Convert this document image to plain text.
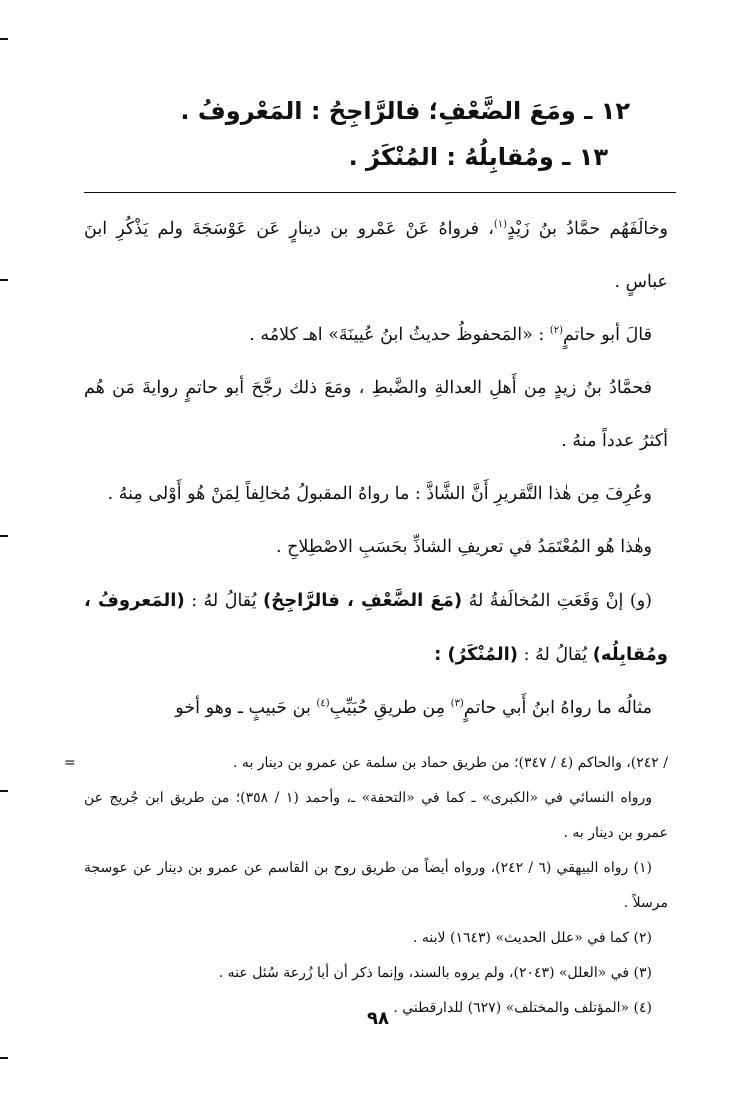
١٢ ـ ومَعَ الضَّعْفِ؛ فالرَّاجِحُ : المَعْروفُ .
١٣ ـ ومُقابِلُهُ : المُنْكَرُ .

وخالَفَهُم حمَّادُ بنُ زَيْدٍ$^{(١)}$، فرواهُ عَنْ عَمْرو بن دينارٍ عَن عَوْسَجَةَ ولم يَذْكُرِ ابنَ عباسٍ .

قالَ أبو حاتمٍ$^{(٢)}$ : «المَحفوظُ حديثُ ابنُ عُيينَةَ» اهـ كلامُه .

فحمَّادُ بنُ زيدٍ مِن أَهلِ العدالةِ والضَّبطِ ، ومَعَ ذلك رجَّحَ أبو حاتمٍ روايةَ مَن هُم أكثرُ عدداً منهُ .

وعُرِفَ مِن هٰذا التَّقريرِ أَنَّ الشَّاذَّ : ما رواهُ المقبولُ مُخالِفاً لِمَنْ هُو أَوْلى مِنهُ .

وهٰذا هُو المُعْتَمَدُ في تعريفِ الشاذِّ بحَسَبِ الاصْطِلاحِ .

(و) إنْ وَقَعَتِ المُخالَفةُ لهُ (مَعَ الضَّعْفِ ، فالرَّاجِحُ) يُقالُ لهُ : (المَعروفُ ، ومُقابِلُه) يُقالُ لهُ : (المُنْكَرُ) :

مثالُه ما رواهُ ابنُ أَبي حاتمٍ$^{(٣)}$ مِن طريقِ حُبَيِّبِ$^{(٤)}$ بن حَبيبٍ ـ وهو أخو

=	/ ٢٤٢)، والحاكم (٤ / ٣٤٧)؛ من طريق حماد بن سلمة عن عمرو بن دينار به .

ورواه النسائي في «الكبرى» ـ كما في «التحفة» ـ، وأحمد (١ / ٣٥٨)؛ من طريق ابن جُريج عن عمرو بن دينار به .

(١) رواه البيهقي (٦ / ٢٤٢)، ورواه أيضاً من طريق روح بن القاسم عن عمرو بن دينار عن عوسجة مرسلاً .

(٢) كما في «علل الحديث» (١٦٤٣) لابنه .

(٣) في «العلل» (٢٠٤٣)، ولم يروه بالسند، وإنما ذكر أن أبا زُرعة سُئل عنه .

(٤) «المؤتلف والمختلف» (٦٢٧) للدارقطني .

٩٨
